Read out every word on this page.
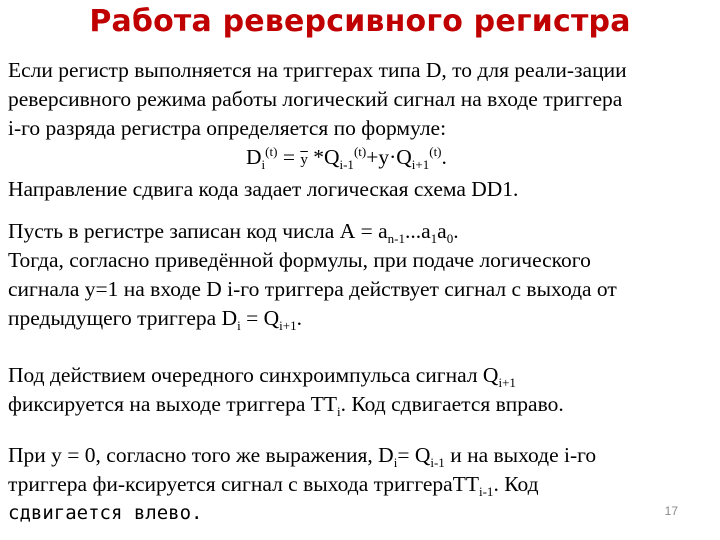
Работа реверсивного регистра
Если регистр выполняется на триггерах типа D, то для реали-зации
реверсивного режима работы логический сигнал на входе триггера
i-го разряда регистра определяется по формуле:
$D_i^{(t)} = \overline{y}$ $*Q_{i-1}^{(t)}+y\cdot Q_{i+1}^{(t)}$.
Направление сдвига кода задает логическая схема DD1.
Пусть в регистре записан код числа $А = a_{n-1}...a_1a_0$.
Тогда, согласно приведённой формулы, при подаче логического
сигнала y=1 на входе D i-го триггера действует сигнал с выхода от
предыдущего триггера $D_i = Q_{i+1}$.
Под действием очередного синхроимпульса сигнал $Q_{i+1}$
фиксируется на выходе триггера $TT_i$. Код сдвигается вправо.
При y = 0, согласно того же выражения, $D_i= Q_{i-1}$ и на выходе i-го
триггера фи-ксируется сигнал с выхода триггераTT$_{i-1}$. Код
сдвигается влево.	17
